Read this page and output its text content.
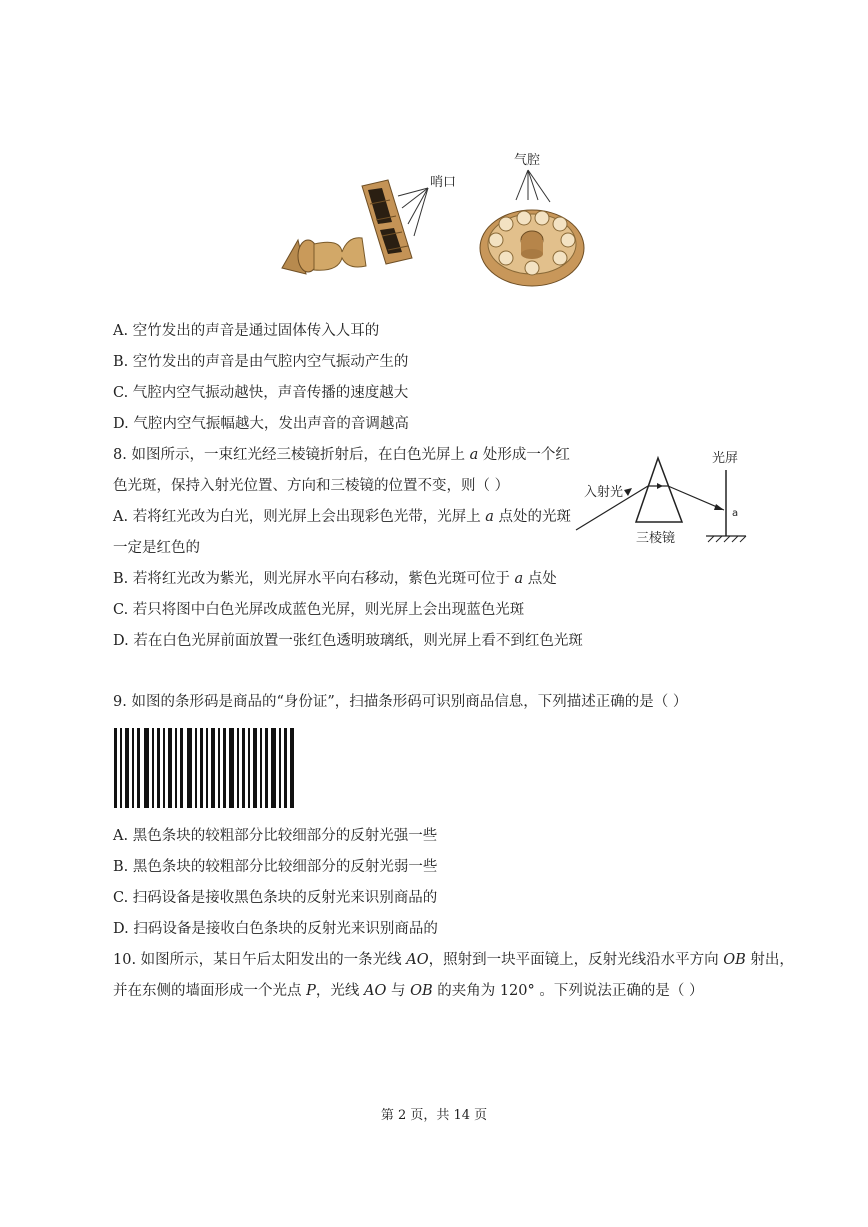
哨口
气腔
A. 空竹发出的声音是通过固体传入人耳的
B. 空竹发出的声音是由气腔内空气振动产生的
C. 气腔内空气振动越快，声音传播的速度越大
D. 气腔内空气振幅越大，发出声音的音调越高
8. 如图所示，一束红光经三棱镜折射后，在白色光屏上 a 处形成一个红
色光斑，保持入射光位置、方向和三棱镜的位置不变，则（ ）
A. 若将红光改为白光，则光屏上会出现彩色光带，光屏上 a 点处的光斑
一定是红色的
B. 若将红光改为紫光，则光屏水平向右移动，紫色光斑可位于 a 点处
C. 若只将图中白色光屏改成蓝色光屏，则光屏上会出现蓝色光斑
D. 若在白色光屏前面放置一张红色透明玻璃纸，则光屏上看不到红色光斑
光屏
入射光
三棱镜
a
9. 如图的条形码是商品的“身份证”，扫描条形码可识别商品信息，下列描述正确的是（ ）
A. 黑色条块的较粗部分比较细部分的反射光强一些
B. 黑色条块的较粗部分比较细部分的反射光弱一些
C. 扫码设备是接收黑色条块的反射光来识别商品的
D. 扫码设备是接收白色条块的反射光来识别商品的
10. 如图所示，某日午后太阳发出的一条光线 AO，照射到一块平面镜上，反射光线沿水平方向 OB 射出，
并在东侧的墙面形成一个光点 P，光线 AO 与 OB 的夹角为 120° 。下列说法正确的是（ ）
第 2 页，共 14 页
